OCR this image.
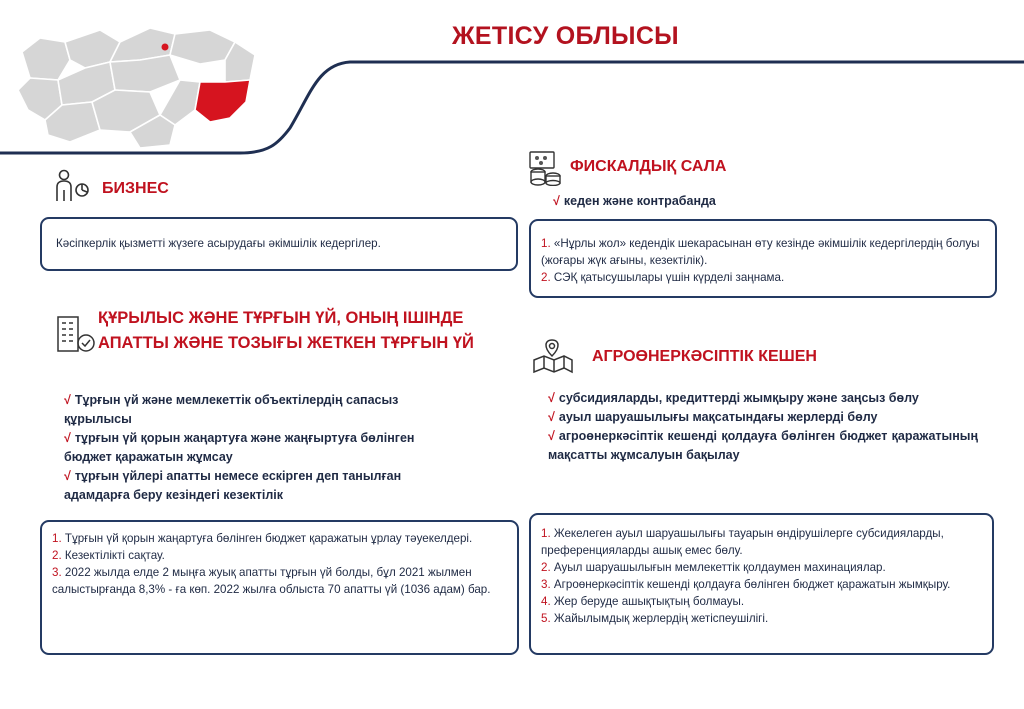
ЖЕТІСУ ОБЛЫСЫ
БИЗНЕС
Кәсіпкерлік қызметті жүзеге асырудағы әкімшілік кедергілер.
ФИСКАЛДЫҚ САЛА
√ кеден және контрабанда
1. «Нұрлы жол» кедендік шекарасынан өту кезінде әкімшілік кедергілердің болуы (жоғары жүк ағыны, кезектілік).
2. СЭҚ қатысушылары үшін күрделі заңнама.
ҚҰРЫЛЫС ЖӘНЕ ТҰРҒЫН ҮЙ, ОНЫҢ ІШІНДЕ
АПАТТЫ ЖӘНЕ ТОЗЫҒЫ ЖЕТКЕН ТҰРҒЫН ҮЙ
√ Тұрғын үй және мемлекеттік объектілердің сапасыз құрылысы
√ тұрғын үй қорын жаңартуға және жаңғыртуға бөлінген бюджет қаражатын жұмсау
√ тұрғын үйлері апатты немесе ескірген деп танылған адамдарға беру кезіндегі кезектілік
1. Тұрғын үй қорын жаңартуға бөлінген бюджет қаражатын ұрлау тәуекелдері.
2. Кезектілікті сақтау.
3. 2022 жылда елде 2 мыңға жуық апатты тұрғын үй болды, бұл 2021 жылмен салыстырғанда 8,3% - ға көп. 2022 жылға облыста 70 апатты үй (1036 адам) бар.
АГРОӨНЕРКӘСІПТІК КЕШЕН
√ субсидияларды, кредиттерді жымқыру және заңсыз бөлу
√ ауыл шаруашылығы мақсатындағы жерлерді бөлу
√ агроөнеркәсіптік кешенді қолдауға бөлінген бюджет қаражатының мақсатты жұмсалуын бақылау
1. Жекелеген ауыл шаруашылығы тауарын өндірушілерге субсидияларды, преференцияларды ашық емес бөлу.
2. Ауыл шаруашылығын мемлекеттік қолдаумен махинациялар.
3. Агроөнеркәсіптік кешенді қолдауға бөлінген бюджет қаражатын жымқыру.
4. Жер беруде ашықтықтың болмауы.
5. Жайылымдық жерлердің жетіспеушілігі.
